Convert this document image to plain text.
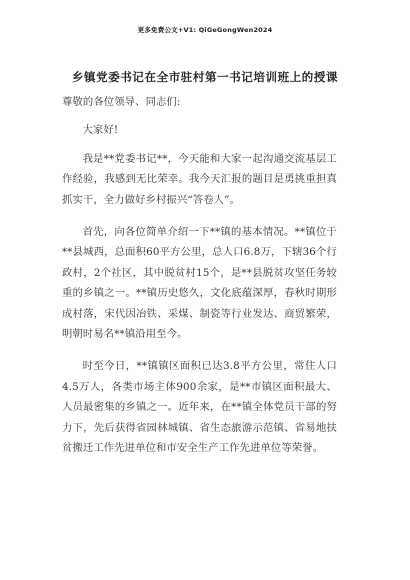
更多免费公文+V1: QiGeGongWen2024
乡镇党委书记在全市驻村第一书记培训班上的授课

尊敬的各位领导、同志们:

大家好!

我是**党委书记**，今天能和大家一起沟通交流基层工作经验，我感到无比荣幸。我今天汇报的题目是勇挑重担真抓实干，全力做好乡村振兴“答卷人”。

首先，向各位简单介绍一下**镇的基本情况。**镇位于**县城西，总面积60平方公里，总人口6.8万，下辖36个行政村，2个社区，其中脱贫村15个，是**县脱贫攻坚任务较重的乡镇之一。**镇历史悠久，文化底蕴深厚，春秋时期形成村落，宋代因冶铁、采煤、制瓷等行业发达、商贸繁荣，明朝时易名**镇沿用至今。

时至今日，**镇镇区面积已达3.8平方公里，常住人口4.5万人，各类市场主体900余家，是**市镇区面积最大、人员最密集的乡镇之一。近年来，在**镇全体党员干部的努力下，先后获得省园林城镇、省生态旅游示范镇、省易地扶贫搬迁工作先进单位和市安全生产工作先进单位等荣誉。
